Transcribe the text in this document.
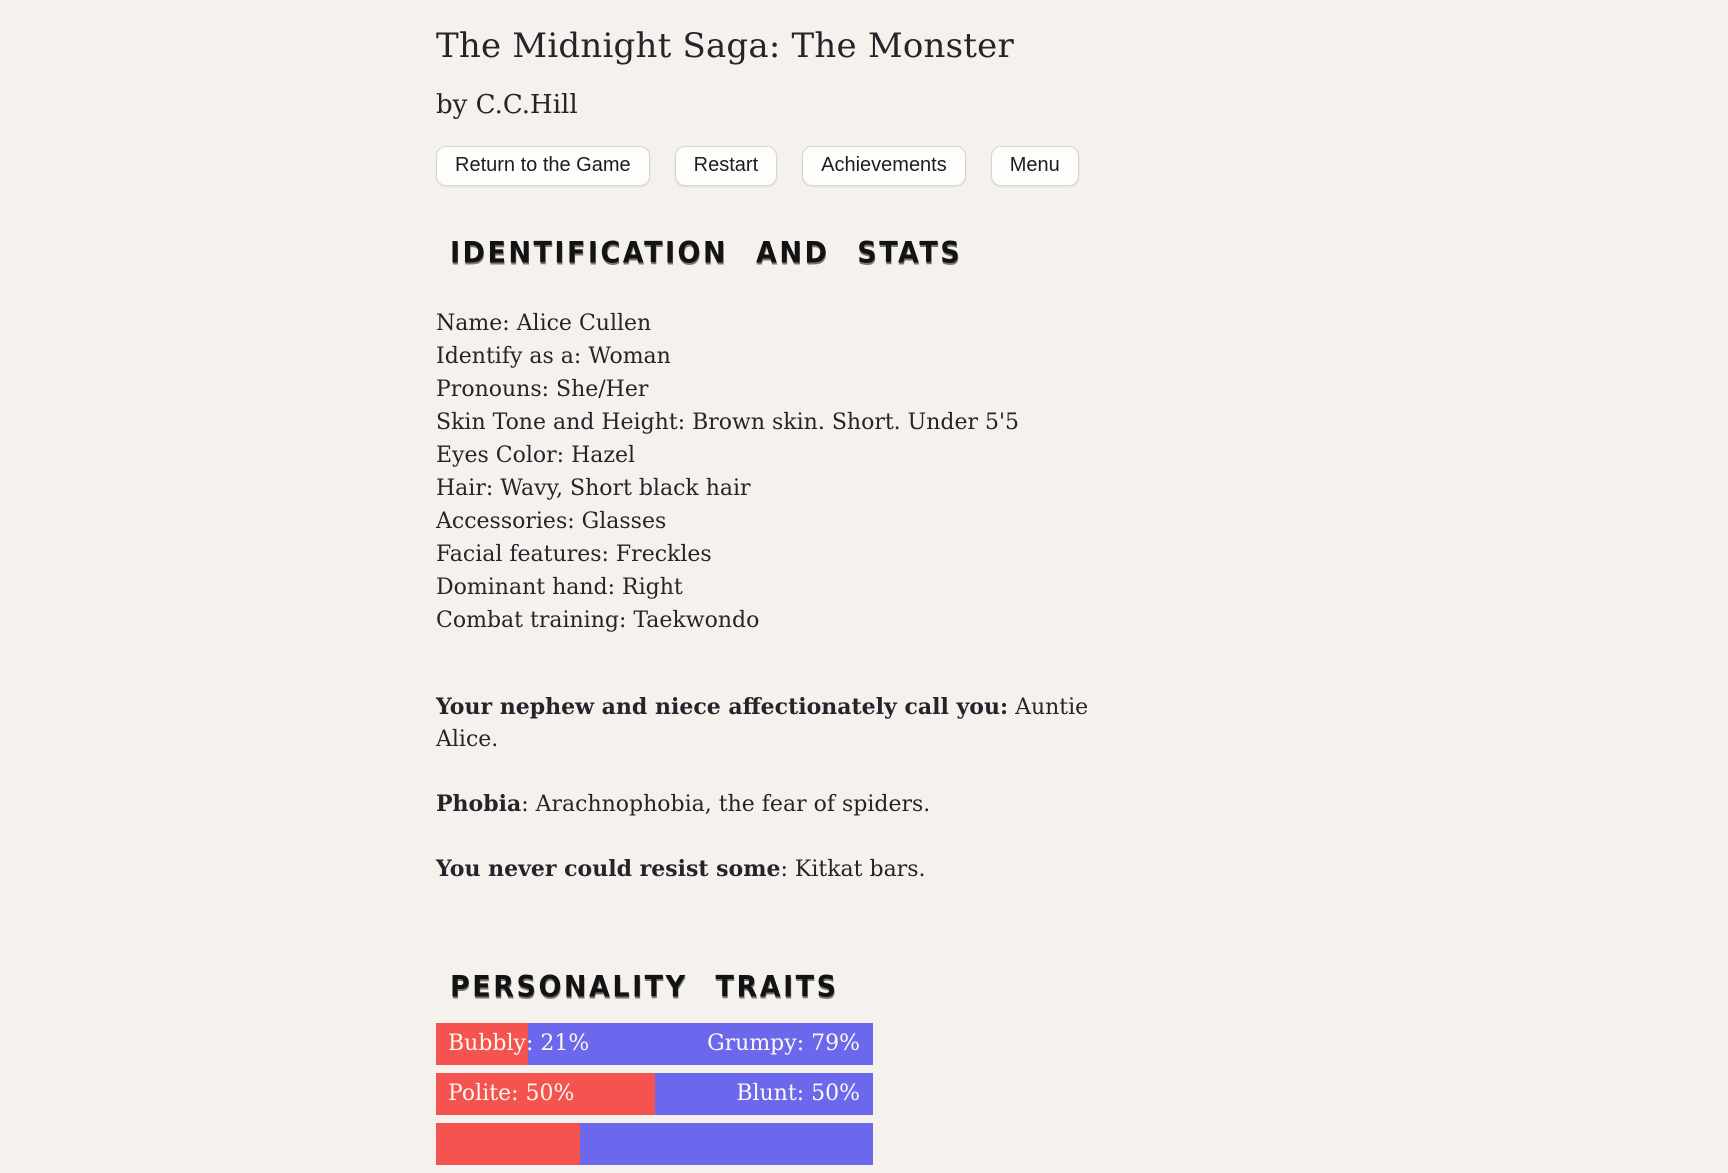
The Midnight Saga: The Monster
by C.C.Hill
Return to the Game	Restart	Achievements	Menu
IDENTIFICATION AND STATS
Name: Alice Cullen
Identify as a: Woman
Pronouns: She/Her
Skin Tone and Height: Brown skin. Short. Under 5'5
Eyes Color: Hazel
Hair: Wavy, Short black hair
Accessories: Glasses
Facial features: Freckles
Dominant hand: Right
Combat training: Taekwondo

Your nephew and niece affectionately call you: Auntie Alice.

Phobia: Arachnophobia, the fear of spiders.

You never could resist some: Kitkat bars.

PERSONALITY TRAITS
Bubbly: 21%	Grumpy: 79%
Polite: 50%	Blunt: 50%
